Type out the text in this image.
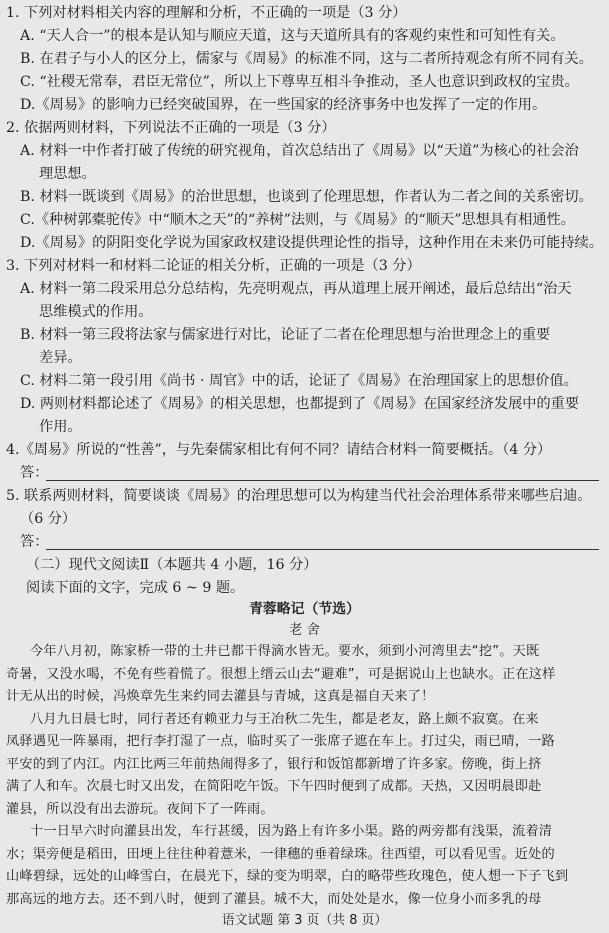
1. 下列对材料相关内容的理解和分析，不正确的一项是（3 分）
A. “天人合一”的根本是认知与顺应天道，这与天道所具有的客观约束性和可知性有关。
B. 在君子与小人的区分上，儒家与《周易》的标准不同，这与二者所持观念有所不同有关。
C. “社稷无常奉，君臣无常位”，所以上下尊卑互相斗争推动，圣人也意识到政权的宝贵。
D.《周易》的影响力已经突破国界，在一些国家的经济事务中也发挥了一定的作用。
2. 依据两则材料，下列说法不正确的一项是（3 分）
A. 材料一中作者打破了传统的研究视角，首次总结出了《周易》以“天道”为核心的社会治
理思想。
B. 材料一既谈到《周易》的治世思想，也谈到了伦理思想，作者认为二者之间的关系密切。
C.《种树郭橐驼传》中“顺木之天”的“养树”法则，与《周易》的“顺天”思想具有相通性。
D.《周易》的阴阳变化学说为国家政权建设提供理论性的指导，这种作用在未来仍可能持续。
3. 下列对材料一和材料二论证的相关分析，正确的一项是（3 分）
A. 材料一第二段采用总分总结构，先亮明观点，再从道理上展开阐述，最后总结出“治天
思维模式的作用。
B. 材料一第三段将法家与儒家进行对比，论证了二者在伦理思想与治世理念上的重要
差异。
C. 材料二第一段引用《尚书 · 周官》中的话，论证了《周易》在治理国家上的思想价值。
D. 两则材料都论述了《周易》的相关思想，也都提到了《周易》在国家经济发展中的重要
作用。
4.《周易》所说的“性善”，与先秦儒家相比有何不同？请结合材料一简要概括。（4 分）
答：
5. 联系两则材料，简要谈谈《周易》的治理思想可以为构建当代社会治理体系带来哪些启迪。
（6 分）
答：
（二）现代文阅读Ⅱ（本题共 4 小题，16 分）
阅读下面的文字，完成 6 ~ 9 题。
青蓉略记（节选）
老 舍
今年八月初，陈家桥一带的土井已都干得滴水皆无。要水，须到小河湾里去“挖”。天既
奇暑，又没水喝，不免有些着慌了。很想上缙云山去“避难”，可是据说山上也缺水。正在这样
计无从出的时候，冯焕章先生来约同去灌县与青城，这真是福自天来了！
八月九日晨七时，同行者还有赖亚力与王冶秋二先生，都是老友，路上颇不寂寞。在来
凤驿遇见一阵暴雨，把行李打湿了一点，临时买了一张席子遮在车上。打过尖，雨已晴，一路
平安的到了内江。内江比两三年前热闹得多了，银行和饭馆都新增了许多家。傍晚，街上挤
满了人和车。次晨七时又出发，在简阳吃午饭。下午四时便到了成都。天热，又因明晨即赴
灌县，所以没有出去游玩。夜间下了一阵雨。
十一日早六时向灌县出发，车行甚缓，因为路上有许多小渠。路的两旁都有浅渠，流着清
水；渠旁便是稻田，田埂上往往种着薏米，一律穗的垂着绿珠。往西望，可以看见雪。近处的
山峰碧绿，远处的山峰雪白，在晨光下，绿的变为明翠，白的略带些玫瑰色，使人想一下子飞到
那高远的地方去。还不到八时，便到了灌县。城不大，而处处是水，像一位身小而多乳的母
语文试题 第 3 页（共 8 页）
